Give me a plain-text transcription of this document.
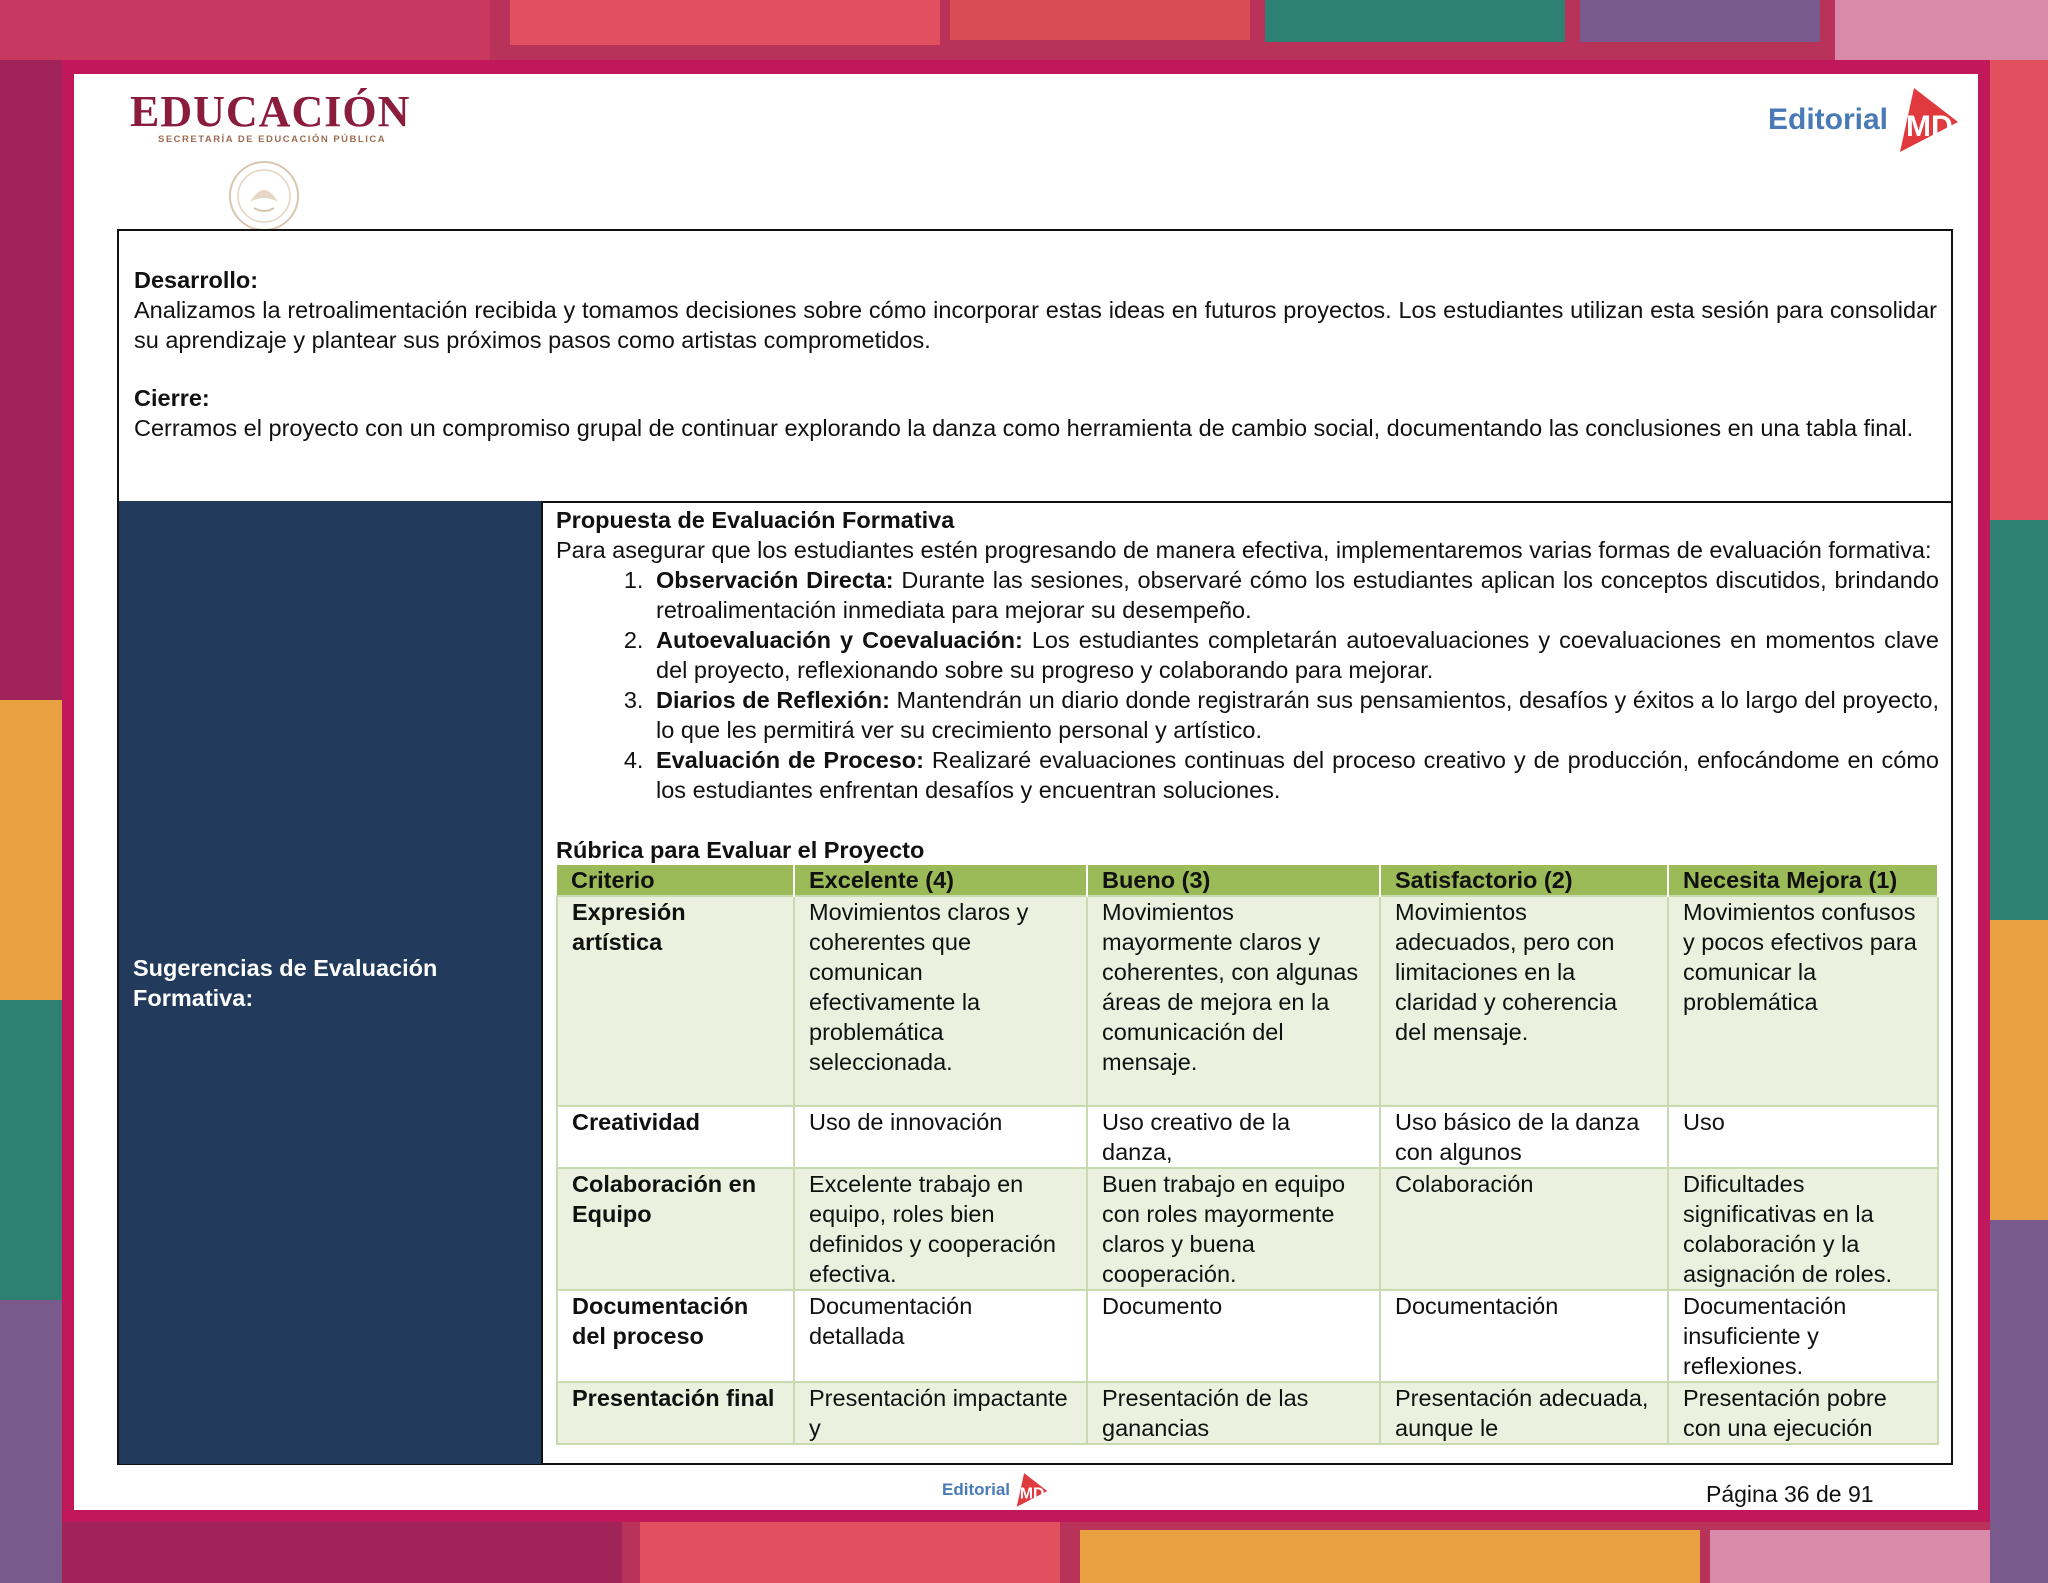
EDUCACIÓN
SECRETARÍA DE EDUCACIÓN PÚBLICA
Editorial MD
Desarrollo:
Analizamos la retroalimentación recibida y tomamos decisiones sobre cómo incorporar estas ideas en futuros proyectos. Los estudiantes utilizan esta sesión para consolidar su aprendizaje y plantear sus próximos pasos como artistas comprometidos.
Cierre:
Cerramos el proyecto con un compromiso grupal de continuar explorando la danza como herramienta de cambio social, documentando las conclusiones en una tabla final.
Sugerencias de Evaluación Formativa:
Propuesta de Evaluación Formativa
Para asegurar que los estudiantes estén progresando de manera efectiva, implementaremos varias formas de evaluación formativa:
1. Observación Directa: Durante las sesiones, observaré cómo los estudiantes aplican los conceptos discutidos, brindando retroalimentación inmediata para mejorar su desempeño.
2. Autoevaluación y Coevaluación: Los estudiantes completarán autoevaluaciones y coevaluaciones en momentos clave del proyecto, reflexionando sobre su progreso y colaborando para mejorar.
3. Diarios de Reflexión: Mantendrán un diario donde registrarán sus pensamientos, desafíos y éxitos a lo largo del proyecto, lo que les permitirá ver su crecimiento personal y artístico.
4. Evaluación de Proceso: Realizaré evaluaciones continuas del proceso creativo y de producción, enfocándome en cómo los estudiantes enfrentan desafíos y encuentran soluciones.
Rúbrica para Evaluar el Proyecto
Criterio	Excelente (4)	Bueno (3)	Satisfactorio (2)	Necesita Mejora (1)
Expresión artística	Movimientos claros y coherentes que comunican efectivamente la problemática seleccionada.	Movimientos mayormente claros y coherentes, con algunas áreas de mejora en la comunicación del mensaje.	Movimientos adecuados, pero con limitaciones en la claridad y coherencia del mensaje.	Movimientos confusos y pocos efectivos para comunicar la problemática
Creatividad	Uso de innovación	Uso creativo de la danza,	Uso básico de la danza con algunos	Uso
Colaboración en Equipo	Excelente trabajo en equipo, roles bien definidos y cooperación efectiva.	Buen trabajo en equipo con roles mayormente claros y buena cooperación.	Colaboración	Dificultades significativas en la colaboración y la asignación de roles.
Documentación del proceso	Documentación detallada	Documento	Documentación	Documentación insuficiente y reflexiones.
Presentación final	Presentación impactante y	Presentación de las ganancias	Presentación adecuada, aunque le	Presentación pobre con una ejecución
Editorial MD	Página 36 de 91
